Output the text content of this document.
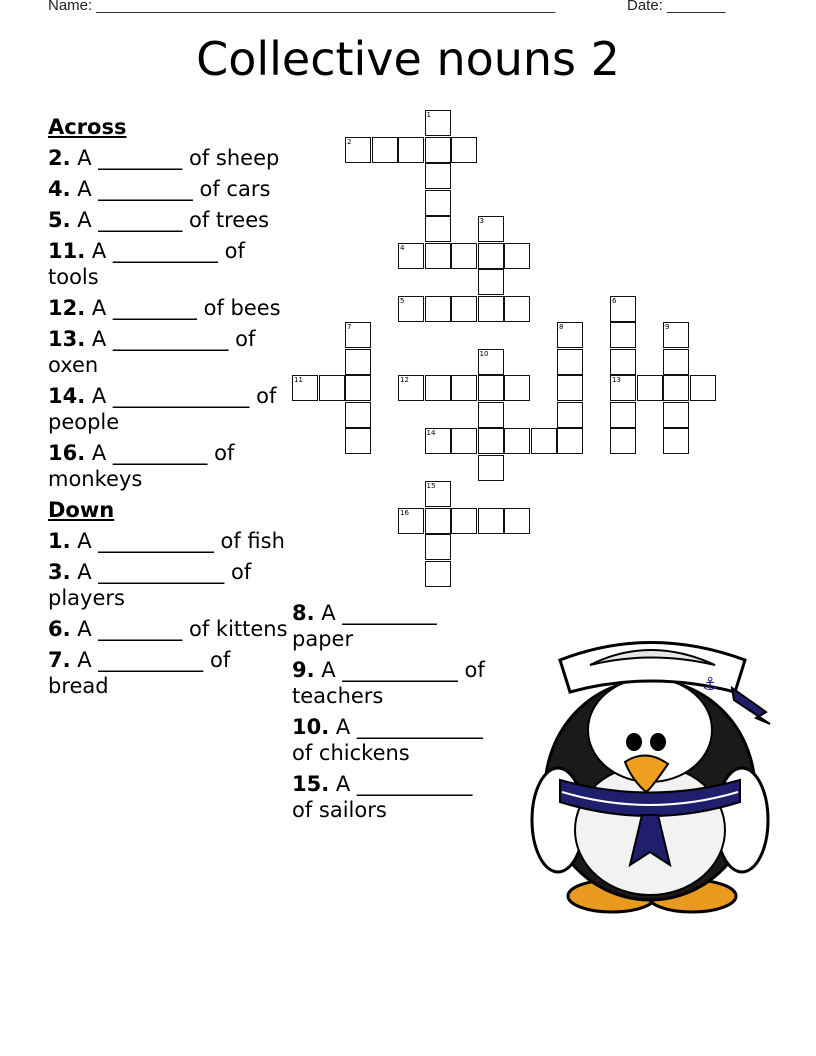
Name: _______________________________________________________	Date: _______
Collective nouns 2
Across
2. A ________ of sheep
4. A _________ of cars
5. A ________ of trees
11. A __________ of tools
12. A ________ of bees
13. A ___________ of oxen
14. A _____________ of people
16. A _________ of monkeys
Down
1. A ___________ of fish
3. A ____________ of players
6. A ________ of kittens
7. A __________ of bread
8. A _________ paper
9. A ___________ of teachers
10. A ____________ of chickens
15. A ___________ of sailors
1
2
3
4
5	6
7	8	9
10
11	12	13
14
15
16
⚓
